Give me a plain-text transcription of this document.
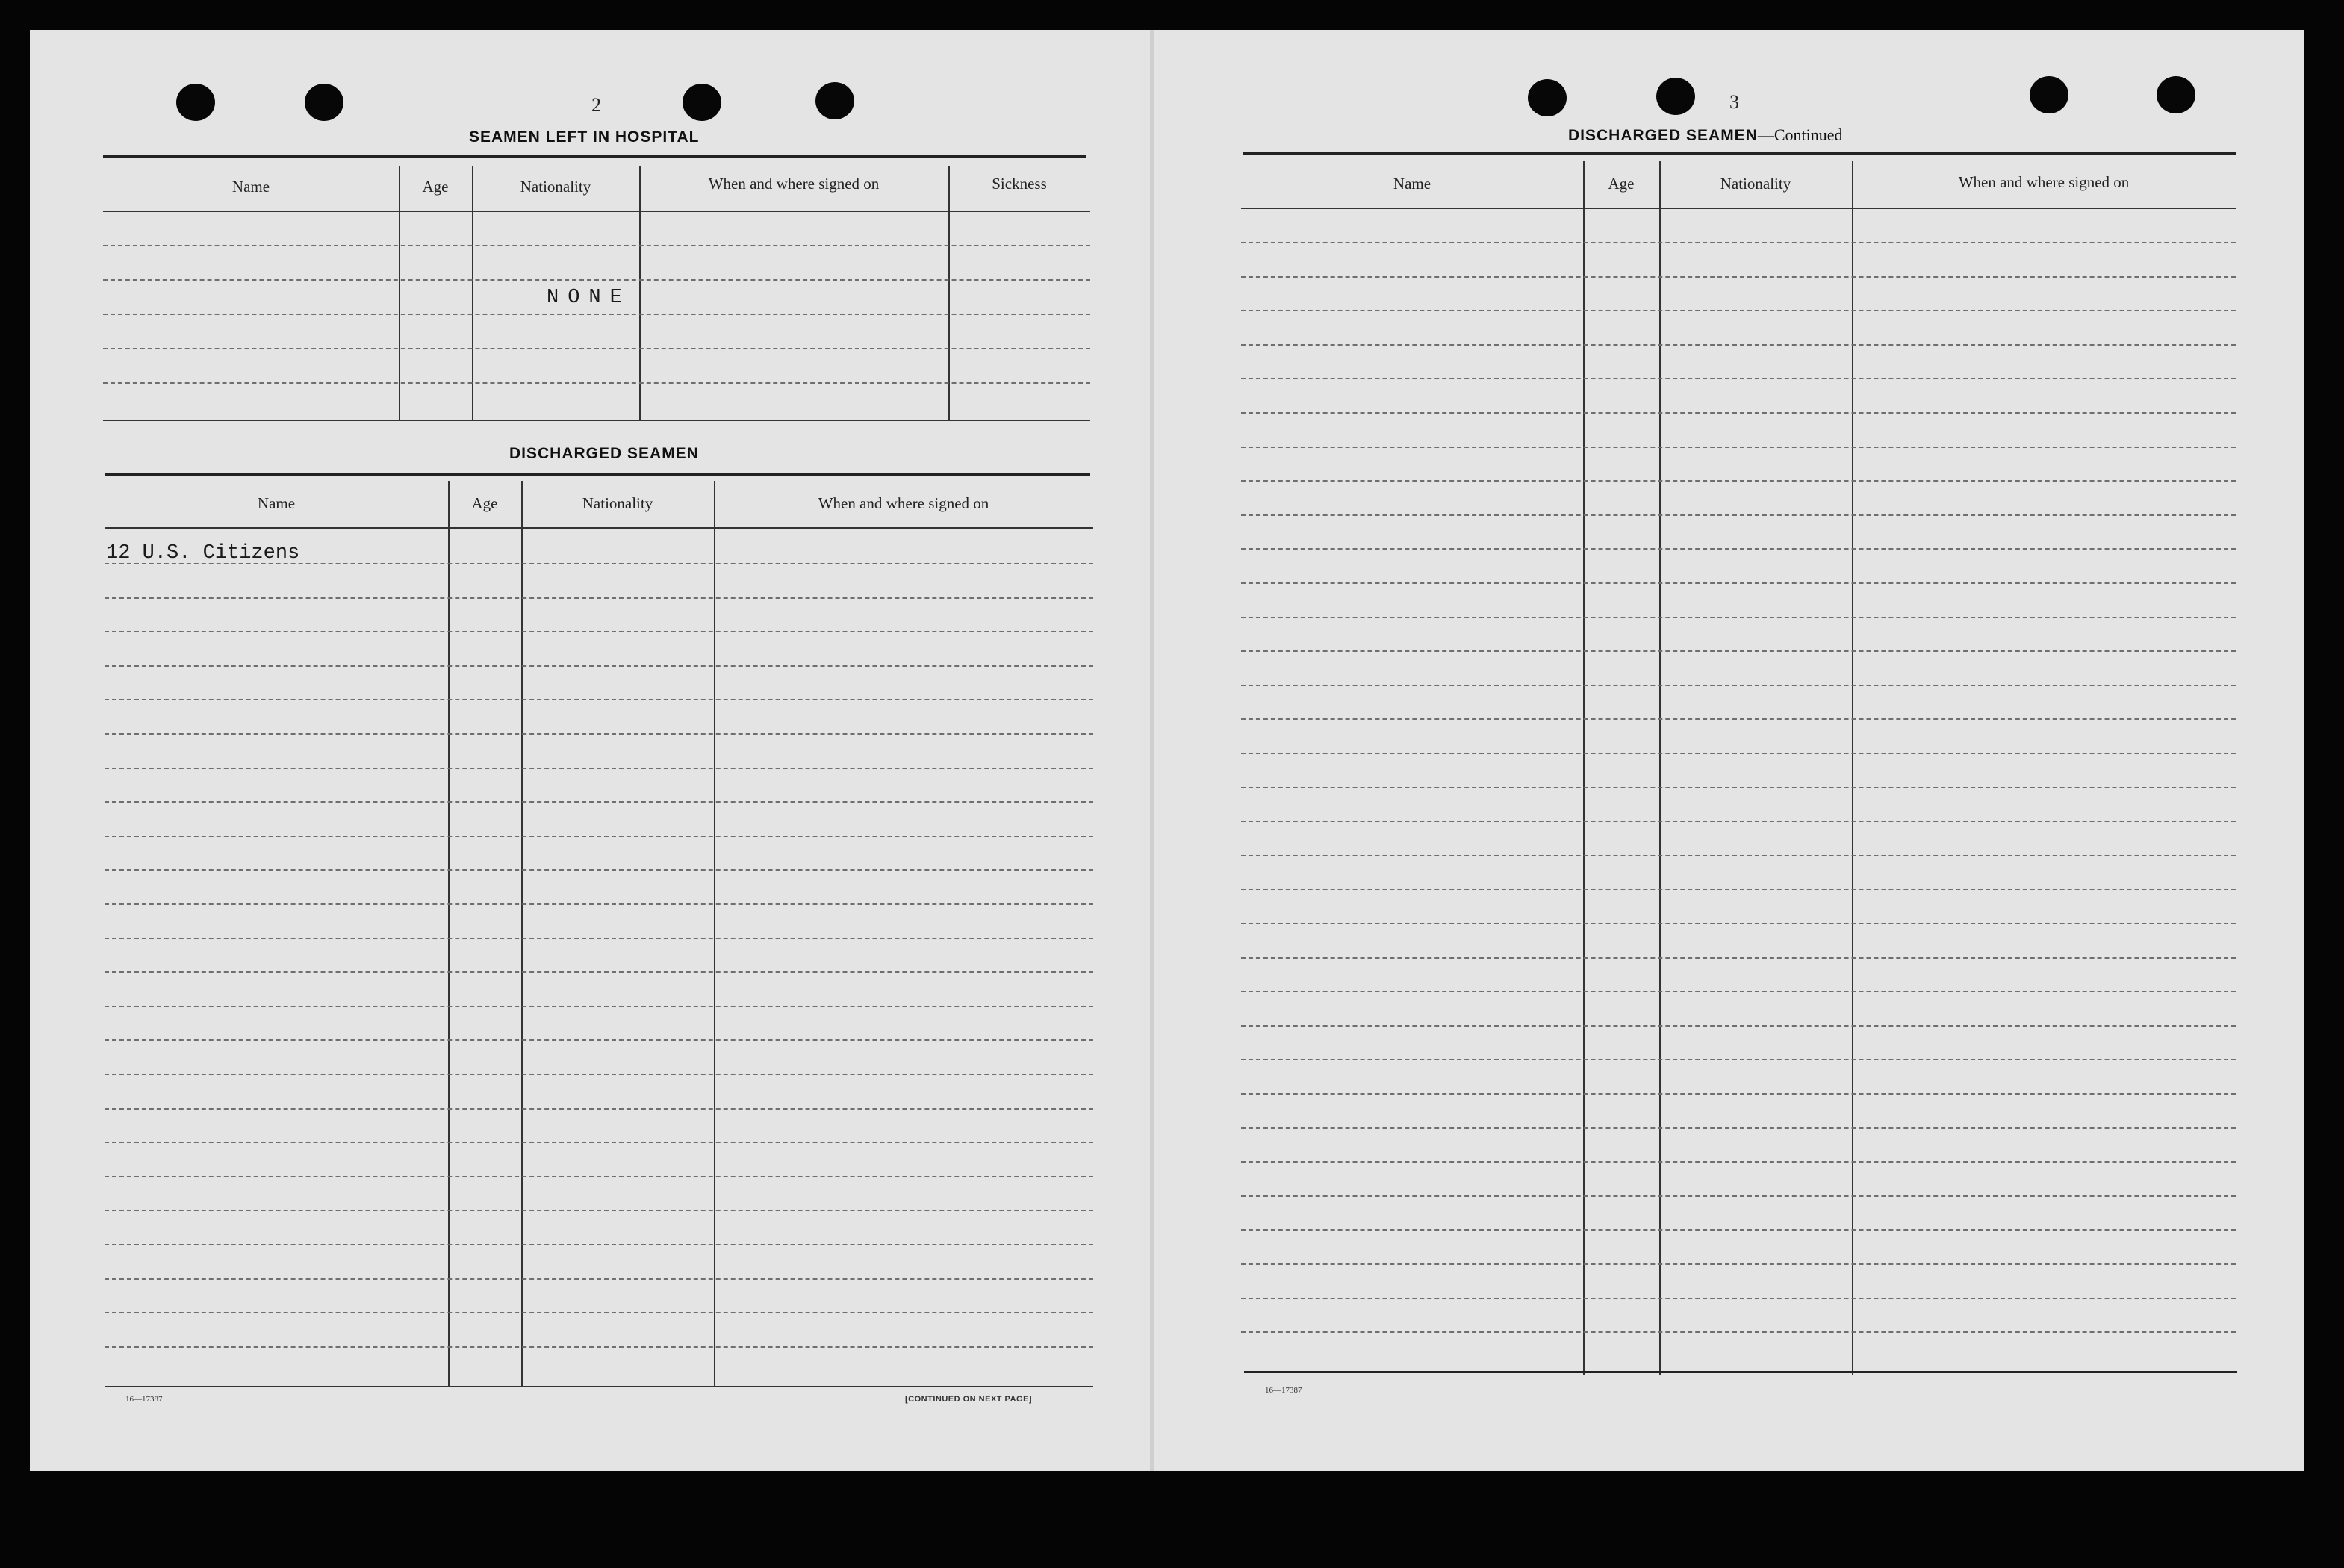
2
SEAMEN LEFT IN HOSPITAL
Name	Age	Nationality	When and where signed on	Sickness
NONE
DISCHARGED SEAMEN
Name	Age	Nationality	When and where signed on
12 U.S. Citizens
16—17387	[CONTINUED ON NEXT PAGE]
3
DISCHARGED SEAMEN—Continued
Name	Age	Nationality	When and where signed on
16—17387
